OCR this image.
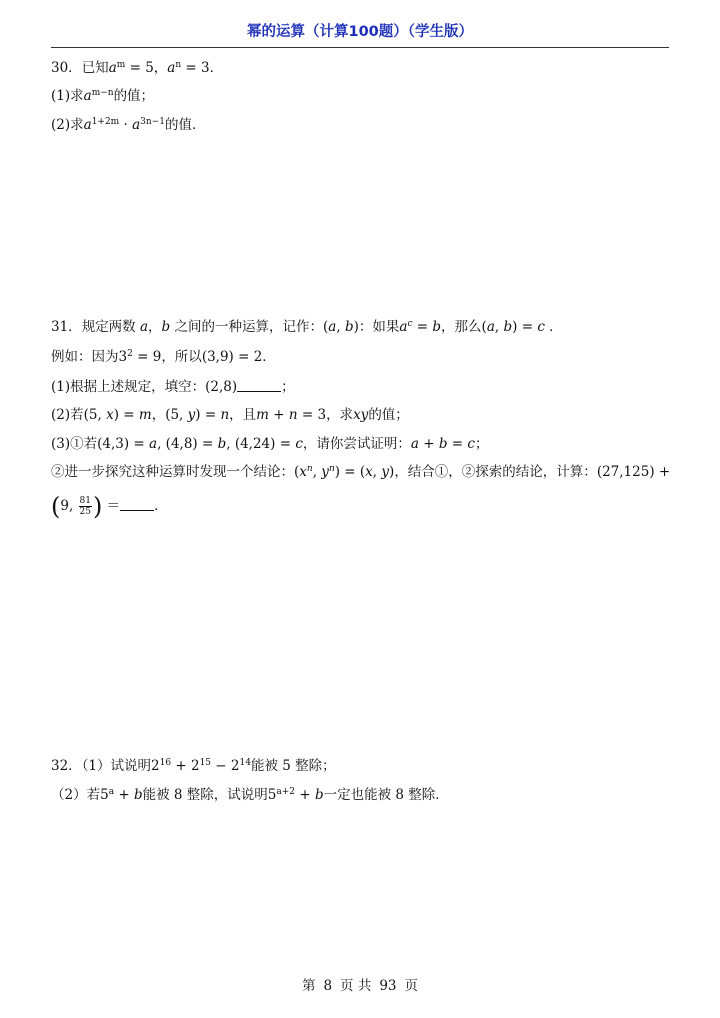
幂的运算（计算100题）（学生版）
30．已知$a^m = 5$，$a^n = 3$．
(1)求$a^{m-n}$的值；
(2)求$a^{1+2m} \cdot a^{3n-1}$的值．
31．规定两数 a，b 之间的一种运算，记作：(a, b)：如果$a^c = b$，那么(a, b) = c ．
例如：因为$3^2 = 9$，所以(3,9) = 2．
(1)根据上述规定，填空：(2,8)	；
(2)若(5, x) = m，(5, y) = n，且m + n = 3，求xy的值；
(3)①若(4,3) = a, (4,8) = b, (4,24) = c，请你尝试证明：a + b = c；
②进一步探究这种运算时发现一个结论：($x^n$, $y^n) = (x$, y)，结合①，②探索的结论，计算：(27,125) +
(9, $\frac{81}{25}$ ) ＝	．
32．（1）试说明$2^{16} + 2^{15} - 2^{14}$能被 5 整除；
（2）若$5^a + b$能被 8 整除，试说明$5^{a+2} + b$一定也能被 8 整除．
第 8 页 共 93 页
